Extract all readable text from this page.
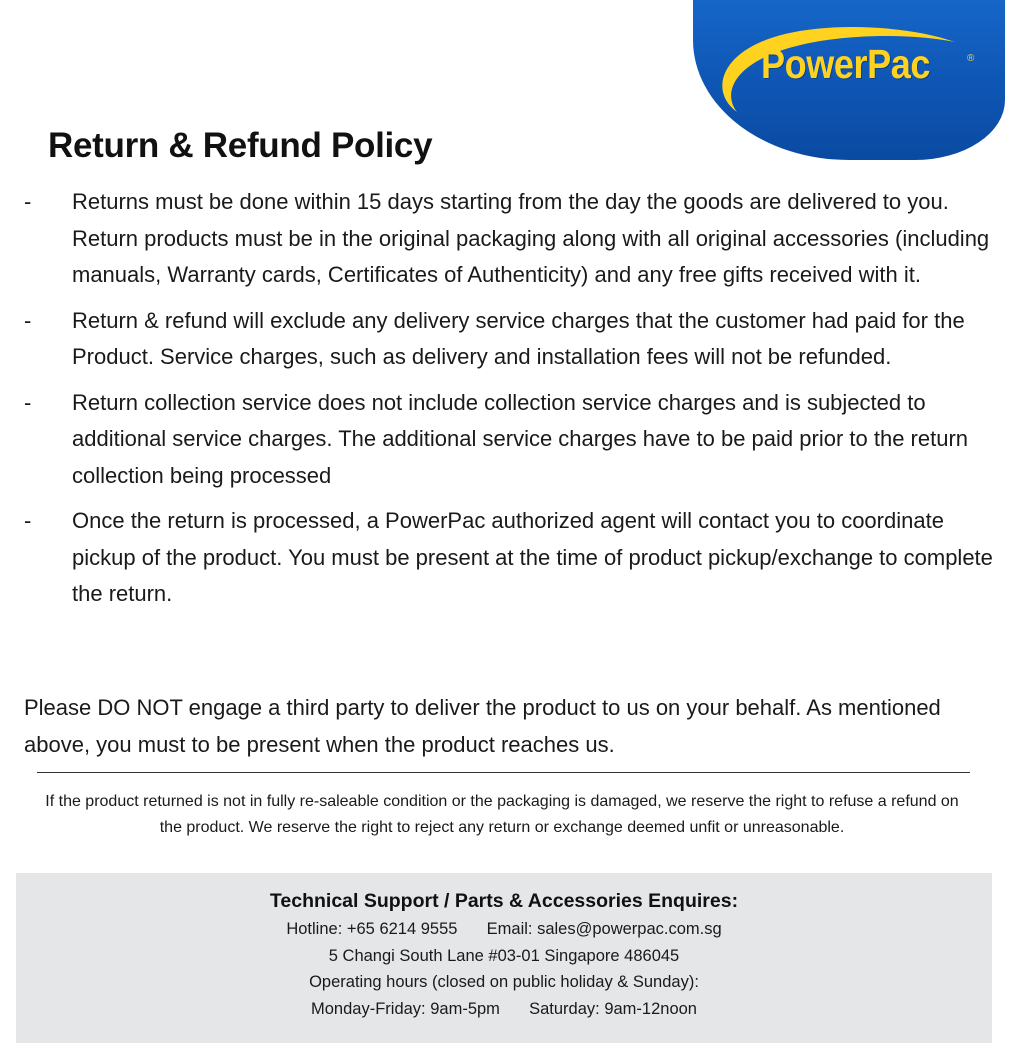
PowerPac	®
Return & Refund Policy
- Returns must be done within 15 days starting from the day the goods are delivered to you. Return products must be in the original packaging along with all original accessories (including manuals, Warranty cards, Certificates of Authenticity) and any free gifts received with it.
- Return & refund will exclude any delivery service charges that the customer had paid for the Product. Service charges, such as delivery and installation fees will not be refunded.
- Return collection service does not include collection service charges and is subjected to additional service charges. The additional service charges have to be paid prior to the return collection being processed
- Once the return is processed, a PowerPac authorized agent will contact you to coordinate pickup of the product. You must be present at the time of product pickup/exchange to complete the return.

Please DO NOT engage a third party to deliver the product to us on your behalf. As mentioned above, you must to be present when the product reaches us.

If the product returned is not in fully re-saleable condition or the packaging is damaged, we reserve the right to refuse a refund on the product. We reserve the right to reject any return or exchange deemed unfit or unreasonable.

Technical Support / Parts & Accessories Enquires:

Hotline: +65 6214 9555 Email: sales@powerpac.com.sg
5 Changi South Lane #03-01 Singapore 486045
Operating hours (closed on public holiday & Sunday):
Monday-Friday: 9am-5pm Saturday: 9am-12noon
